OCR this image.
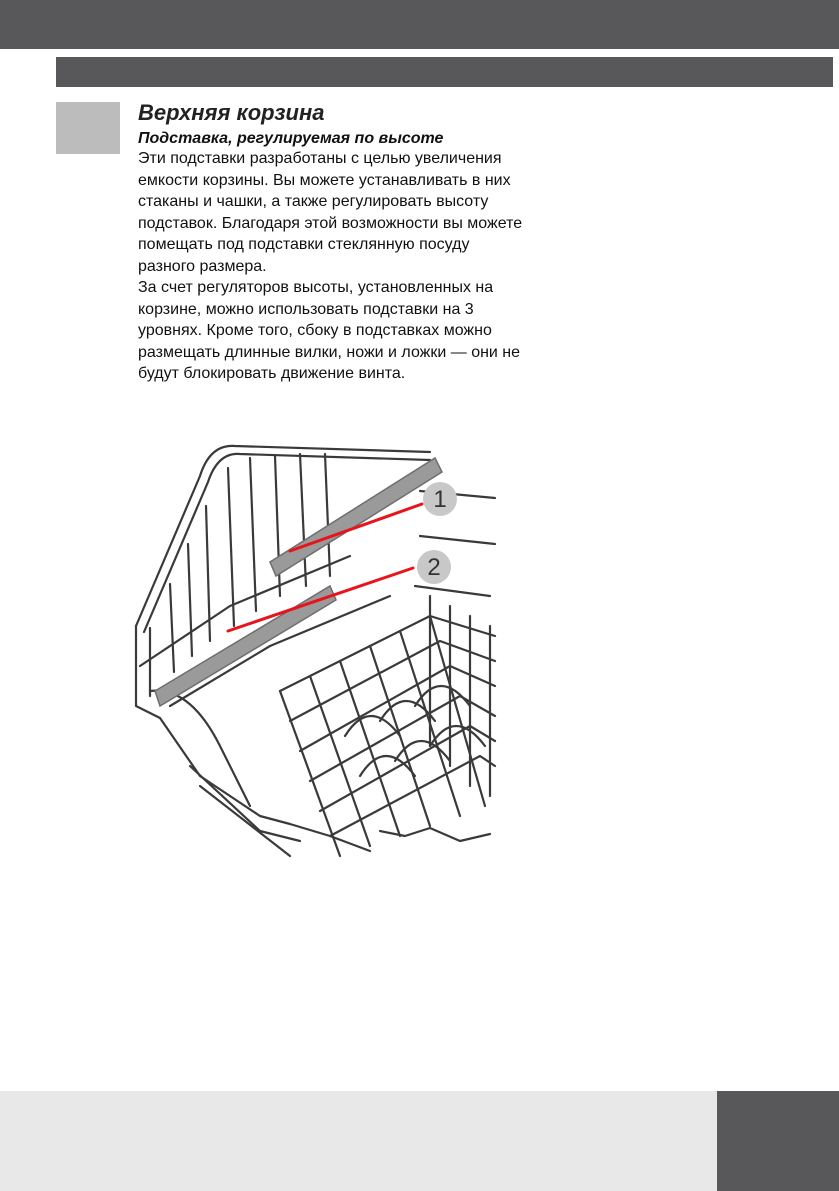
Верхняя корзина
Подставка, регулируемая по высоте

Эти подставки разработаны с целью увеличения
емкости корзины. Вы можете устанавливать в них
стаканы и чашки, а также регулировать высоту
подставок. Благодаря этой возможности вы можете
помещать под подставки стеклянную посуду
разного размера.

За счет регуляторов высоты, установленных на
корзине, можно использовать подставки на 3
уровнях. Кроме того, сбоку в подставках можно
размещать длинные вилки, ножи и ложки — они не
будут блокировать движение винта.

1
2
